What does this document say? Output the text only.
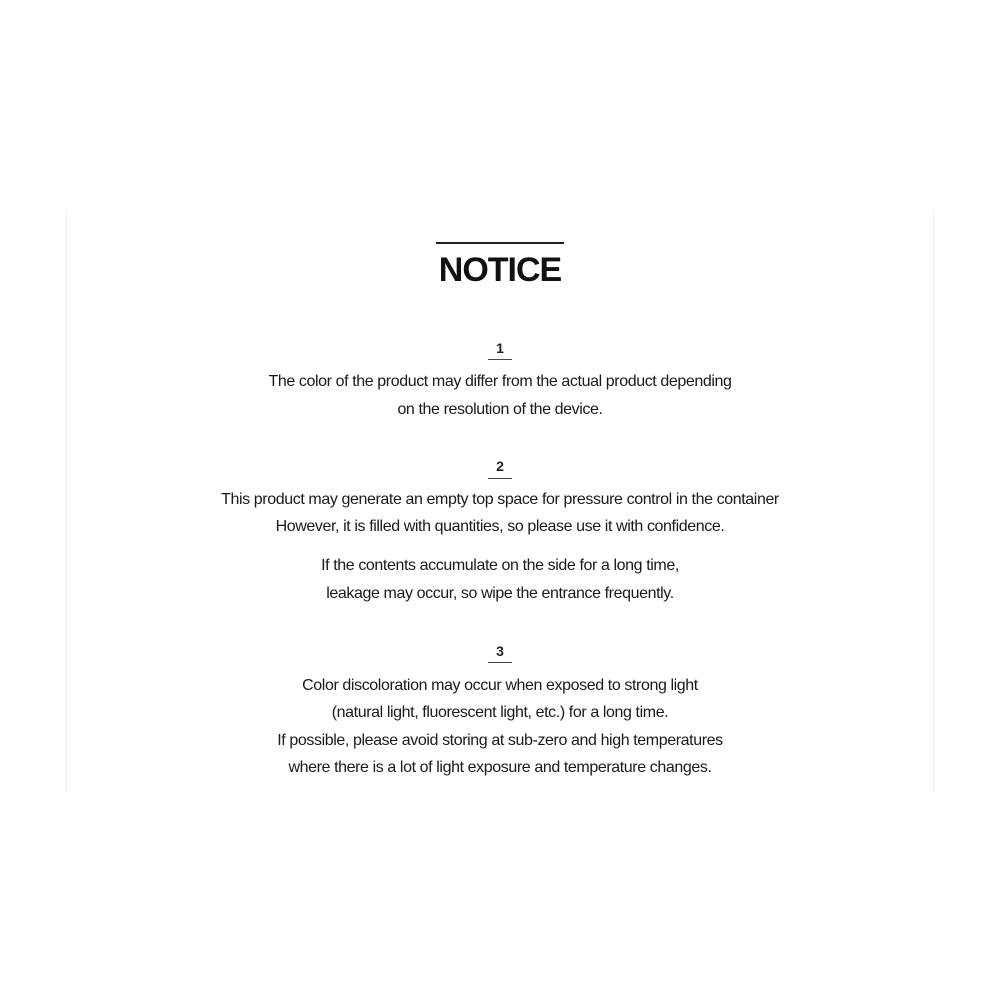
NOTICE
1
The color of the product may differ from the actual product depending
on the resolution of the device.
2
This product may generate an empty top space for pressure control in the container
However, it is filled with quantities, so please use it with confidence.
If the contents accumulate on the side for a long time,
leakage may occur, so wipe the entrance frequently.
3
Color discoloration may occur when exposed to strong light
(natural light, fluorescent light, etc.) for a long time.
If possible, please avoid storing at sub-zero and high temperatures
where there is a lot of light exposure and temperature changes.
